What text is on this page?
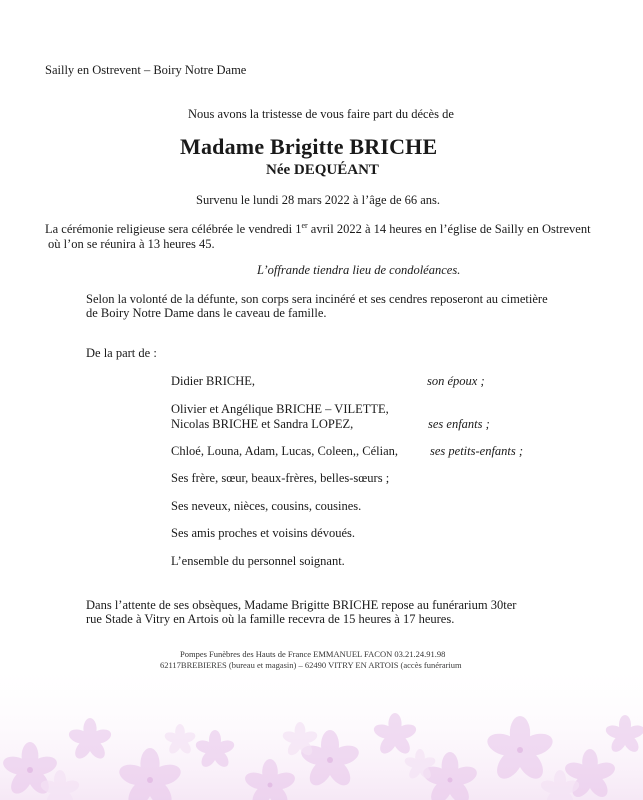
Sailly en Ostrevent – Boiry Notre Dame
Nous avons la tristesse de vous faire part du décès de
Madame Brigitte BRICHE
Née DEQUÉANT
Survenu le lundi 28 mars 2022 à l’âge de 66 ans.
La cérémonie religieuse sera célébrée le vendredi 1er avril 2022 à 14 heures en l’église de Sailly en Ostrevent
où l’on se réunira à 13 heures 45.
L’offrande tiendra lieu de condoléances.
Selon la volonté de la défunte, son corps sera incinéré et ses cendres reposeront au cimetière
de Boiry Notre Dame dans le caveau de famille.
De la part de :
Didier BRICHE,	son époux ;
Olivier et Angélique BRICHE – VILETTE,
Nicolas BRICHE et Sandra LOPEZ,	ses enfants ;
Chloé, Louna, Adam, Lucas, Coleen,, Célian,	ses petits-enfants ;
Ses frère, sœur, beaux-frères, belles-sœurs ;
Ses neveux, nièces, cousins, cousines.
Ses amis proches et voisins dévoués.
L’ensemble du personnel soignant.
Dans l’attente de ses obsèques, Madame Brigitte BRICHE repose au funérarium 30ter
rue Stade à Vitry en Artois où la famille recevra de 15 heures à 17 heures.
Pompes Funèbres des Hauts de France EMMANUEL FACON 03.21.24.91.98
